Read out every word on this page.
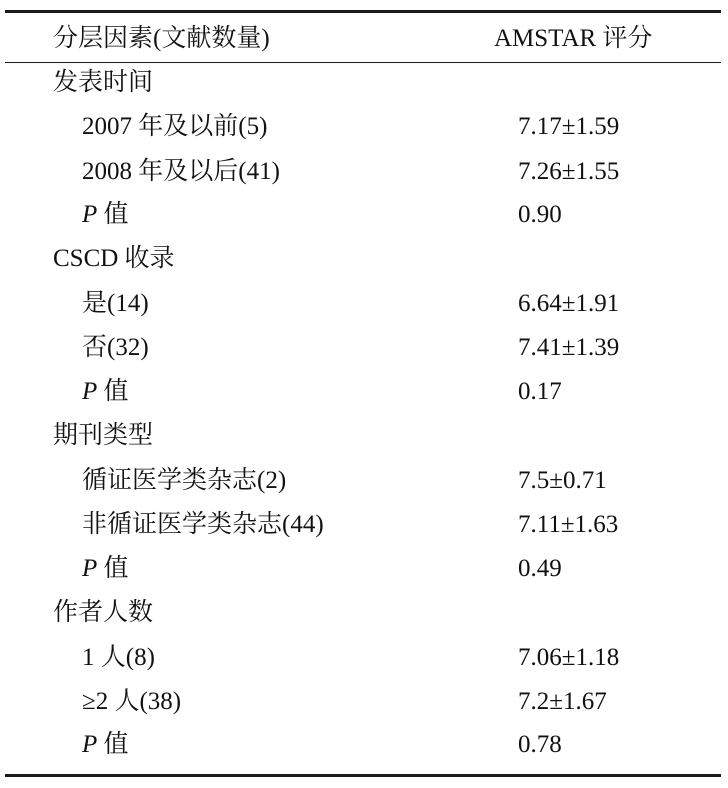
分层因素(文献数量)	AMSTAR 评分
发表时间
2007 年及以前(5)	7.17±1.59
2008 年及以后(41)	7.26±1.55
P 值	0.90
CSCD 收录
是(14)	6.64±1.91
否(32)	7.41±1.39
P 值	0.17
期刊类型
循证医学类杂志(2)	7.5±0.71
非循证医学类杂志(44)	7.11±1.63
P 值	0.49
作者人数
1 人(8)	7.06±1.18
≥2 人(38)	7.2±1.67
P 值	0.78
